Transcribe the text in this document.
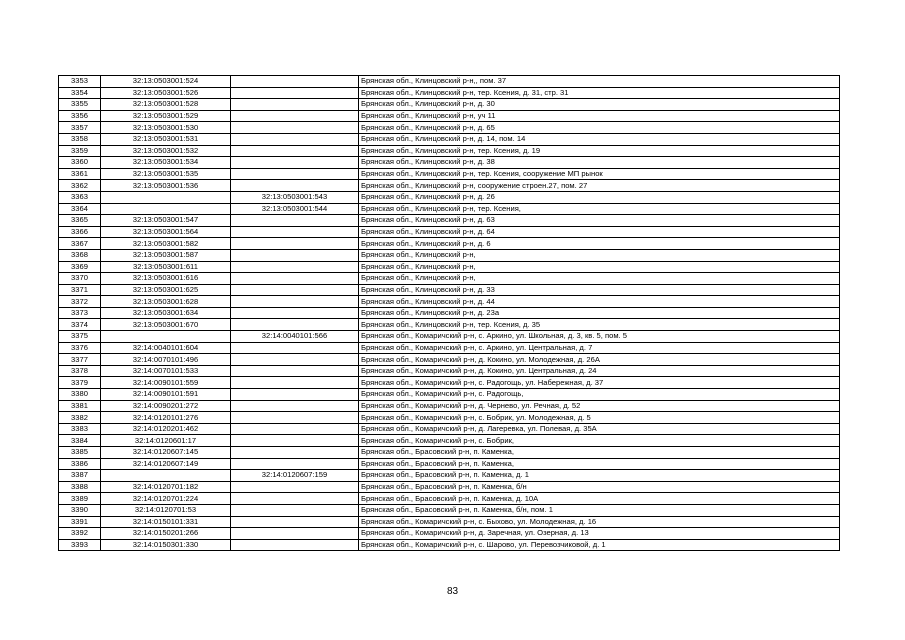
3353	32:13:0503001:524		Брянская обл., Клинцовский р-н,, пом. 37
3354	32:13:0503001:526		Брянская обл., Клинцовский р-н, тер. Ксения, д. 31, стр. 31
3355	32:13:0503001:528		Брянская обл., Клинцовский р-н, д. 30
3356	32:13:0503001:529		Брянская обл., Клинцовский р-н, уч 11
3357	32:13:0503001:530		Брянская обл., Клинцовский р-н, д. 65
3358	32:13:0503001:531		Брянская обл., Клинцовский р-н, д. 14, пом. 14
3359	32:13:0503001:532		Брянская обл., Клинцовский р-н, тер. Ксения, д. 19
3360	32:13:0503001:534		Брянская обл., Клинцовский р-н, д. 38
3361	32:13:0503001:535		Брянская обл., Клинцовский р-н, тер. Ксения, сооружение МП рынок
3362	32:13:0503001:536		Брянская обл., Клинцовский р-н, сооружение строен.27, пом. 27
3363		32:13:0503001:543	Брянская обл., Клинцовский р-н, д. 26
3364		32:13:0503001:544	Брянская обл., Клинцовский р-н, тер. Ксения,
3365	32:13:0503001:547		Брянская обл., Клинцовский р-н, д. 63
3366	32:13:0503001:564		Брянская обл., Клинцовский р-н, д. 64
3367	32:13:0503001:582		Брянская обл., Клинцовский р-н, д. 6
3368	32:13:0503001:587		Брянская обл., Клинцовский р-н,
3369	32:13:0503001:611		Брянская обл., Клинцовский р-н,
3370	32:13:0503001:616		Брянская обл., Клинцовский р-н,
3371	32:13:0503001:625		Брянская обл., Клинцовский р-н, д. 33
3372	32:13:0503001:628		Брянская обл., Клинцовский р-н, д. 44
3373	32:13:0503001:634		Брянская обл., Клинцовский р-н, д. 23а
3374	32:13:0503001:670		Брянская обл., Клинцовский р-н, тер. Ксения, д. 35
3375		32:14:0040101:566	Брянская обл., Комаричский р-н, с. Аркино, ул. Школьная, д. 3, кв. 5, пом. 5
3376	32:14:0040101:604		Брянская обл., Комаричский р-н, с. Аркино, ул. Центральная, д. 7
3377	32:14:0070101:496		Брянская обл., Комаричский р-н, д. Кокино, ул. Молодежная, д. 26А
3378	32:14:0070101:533		Брянская обл., Комаричский р-н, д. Кокино, ул. Центральная, д. 24
3379	32:14:0090101:559		Брянская обл., Комаричский р-н, с. Радогощь, ул. Набережная, д. 37
3380	32:14:0090101:591		Брянская обл., Комаричский р-н, с. Радогощь,
3381	32:14:0090201:272		Брянская обл., Комаричский р-н, д. Чернево, ул. Речная, д. 52
3382	32:14:0120101:276		Брянская обл., Комаричский р-н, с. Бобрик, ул. Молодежная, д. 5
3383	32:14:0120201:462		Брянская обл., Комаричский р-н, д. Лагеревка, ул. Полевая, д. 35А
3384	32:14:0120601:17		Брянская обл., Комаричский р-н, с. Бобрик,
3385	32:14:0120607:145		Брянская обл., Брасовский р-н, п. Каменка,
3386	32:14:0120607:149		Брянская обл., Брасовский р-н, п. Каменка,
3387		32:14:0120607:159	Брянская обл., Брасовский р-н, п. Каменка, д. 1
3388	32:14:0120701:182		Брянская обл., Брасовский р-н, п. Каменка, б/н
3389	32:14:0120701:224		Брянская обл., Брасовский р-н, п. Каменка, д. 10А
3390	32:14:0120701:53		Брянская обл., Брасовский р-н, п. Каменка, б/н, пом. 1
3391	32:14:0150101:331		Брянская обл., Комаричский р-н, с. Быхово, ул. Молодежная, д. 16
3392	32:14:0150201:266		Брянская обл., Комаричский р-н, д. Заречная, ул. Озерная, д. 13
3393	32:14:0150301:330		Брянская обл., Комаричский р-н, с. Шарово, ул. Перевозчиковой, д. 1
83
